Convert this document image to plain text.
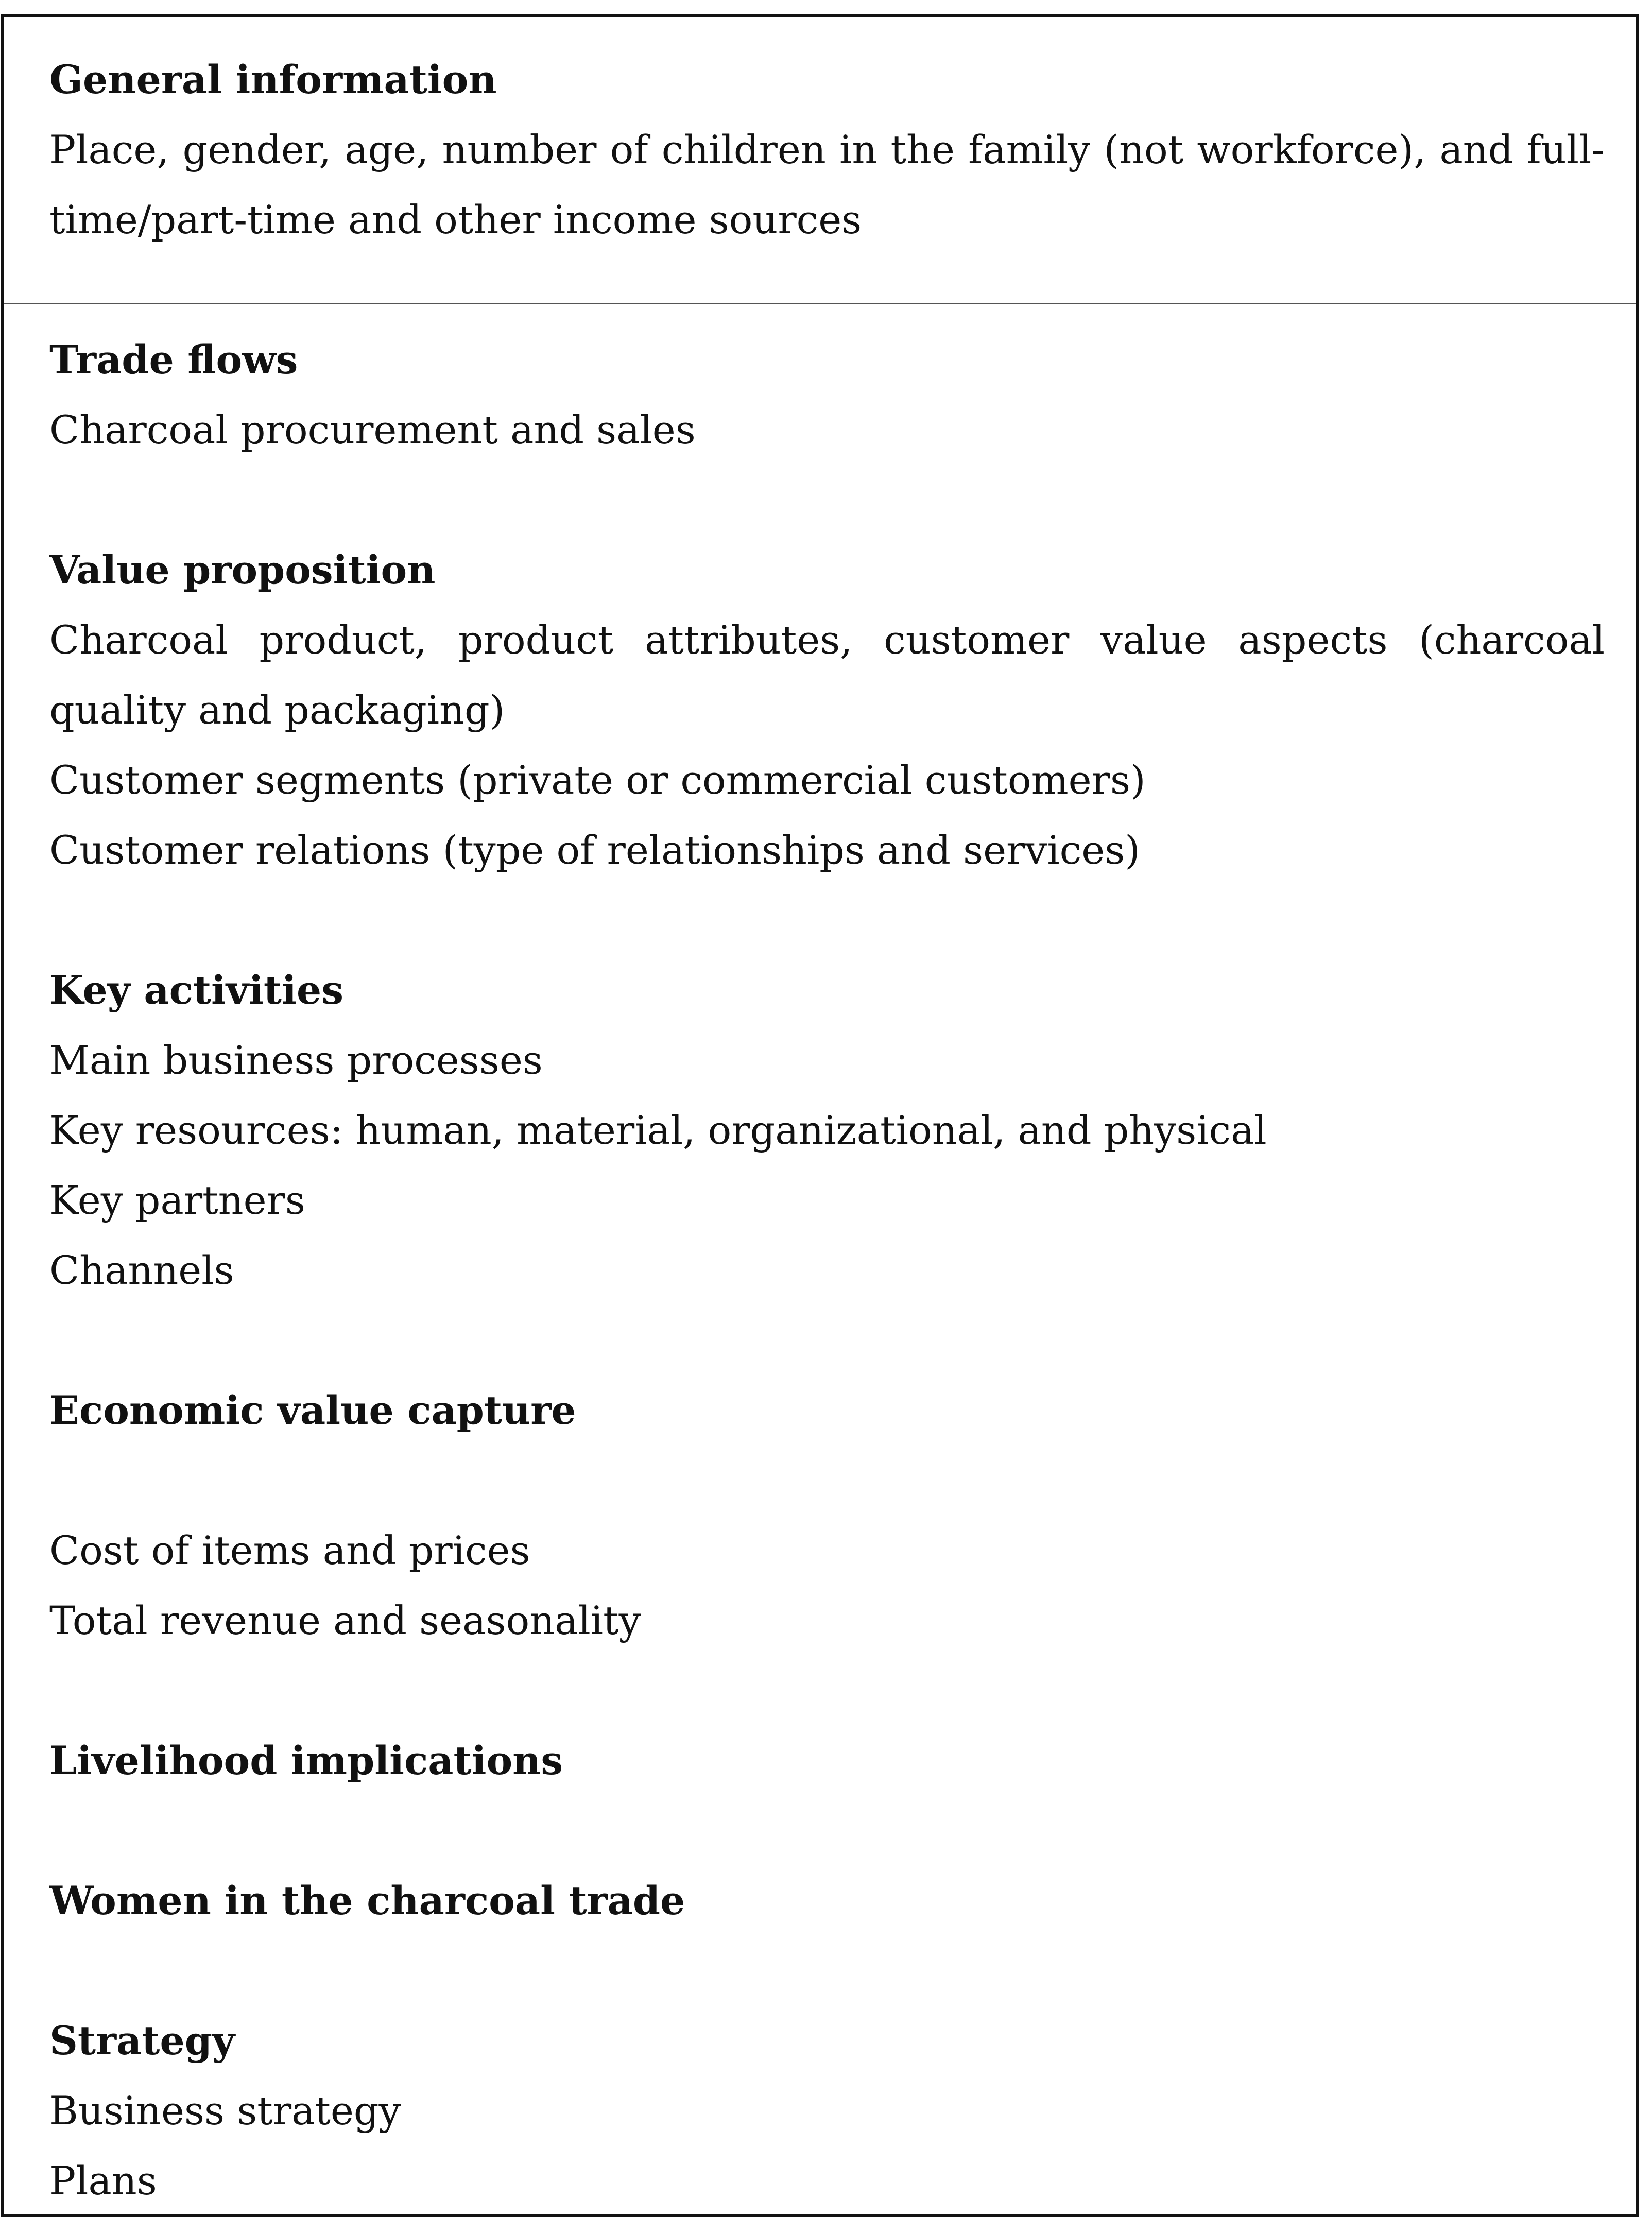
General information
Place, gender, age, number of children in the family (not workforce), and full-time/part-time and other income sources
Trade flows
Charcoal procurement and sales
Value proposition
Charcoal product, product attributes, customer value aspects (charcoal quality and packaging)
Customer segments (private or commercial customers)
Customer relations (type of relationships and services)
Key activities
Main business processes
Key resources: human, material, organizational, and physical
Key partners
Channels
Economic value capture
Cost of items and prices
Total revenue and seasonality
Livelihood implications
Women in the charcoal trade
Strategy
Business strategy
Plans
